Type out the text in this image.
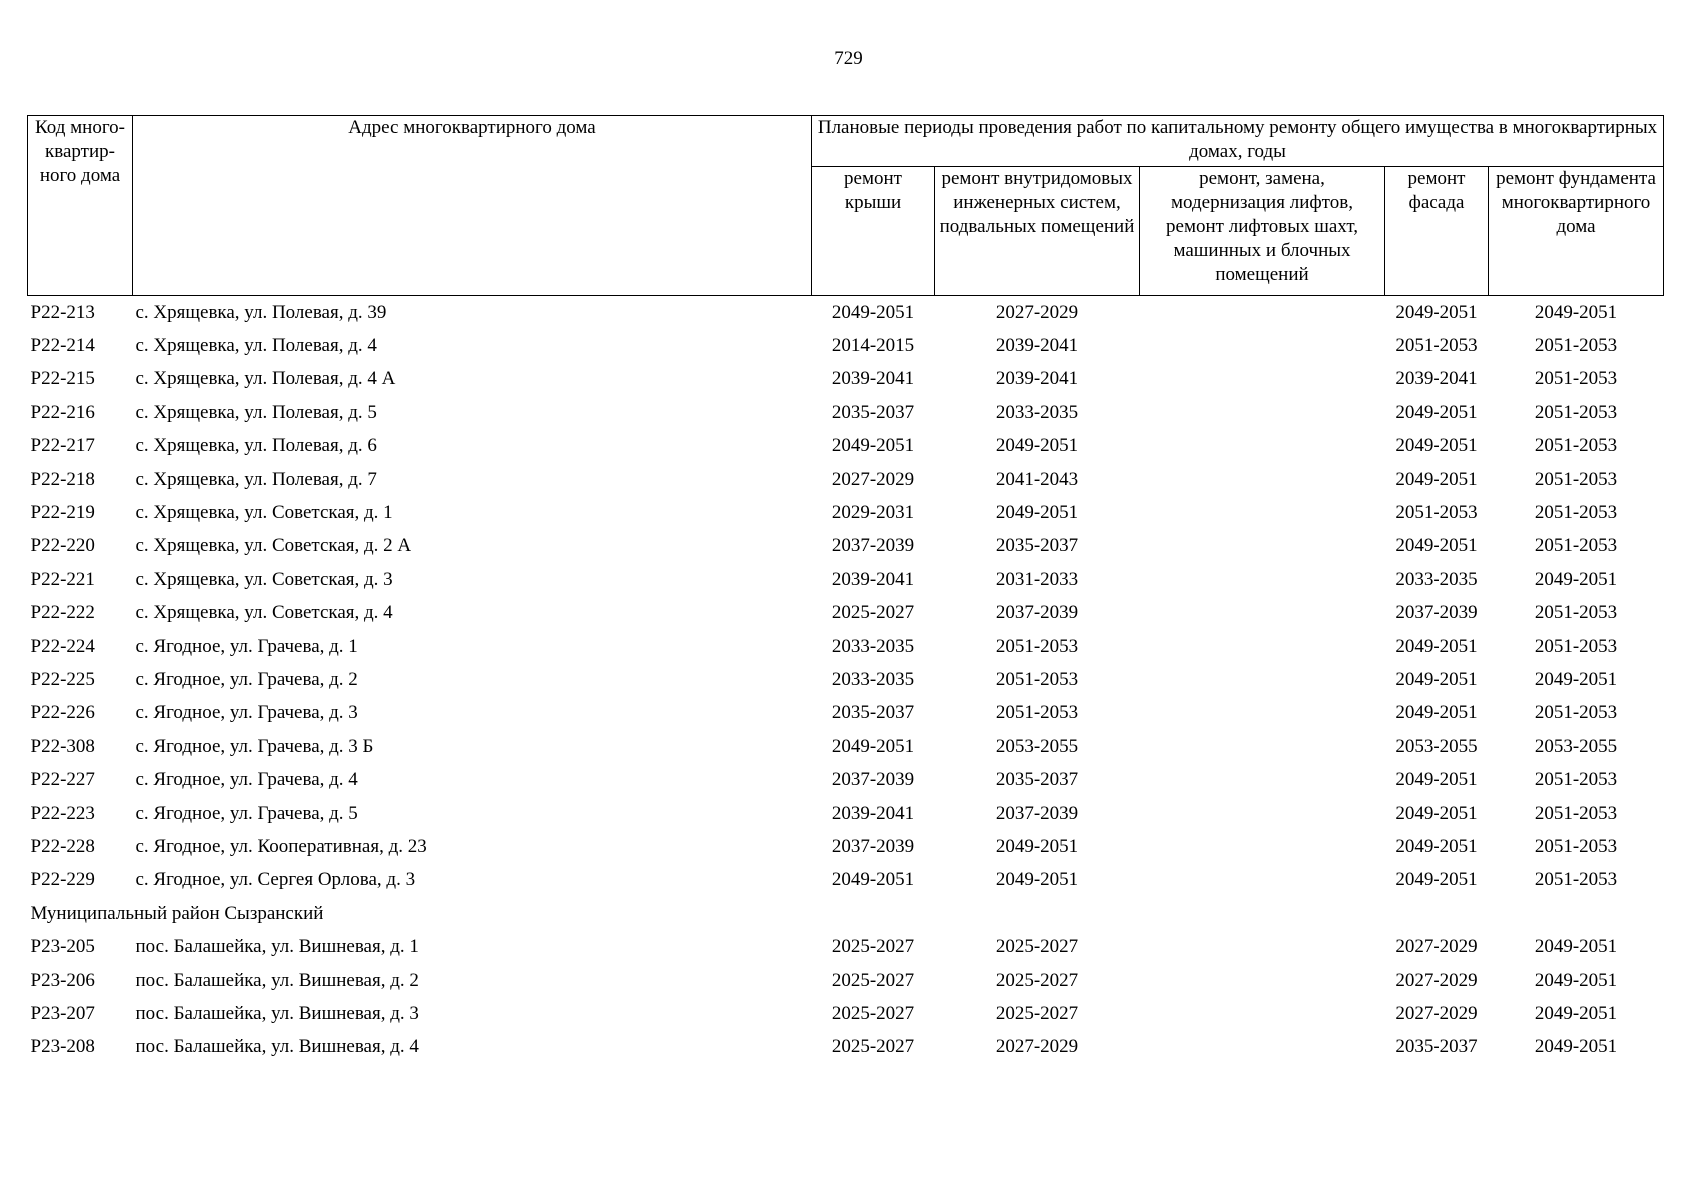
729
Код много-квартир-ного дома	Адрес многоквартирного дома	Плановые периоды проведения работ по капитальному ремонту общего имущества в многоквартирных домах, годы				
		ремонт крыши	ремонт внутридомовых инженерных систем, подвальных помещений	ремонт, замена, модернизация лифтов, ремонт лифтовых шахт, машинных и блочных помещений	ремонт фасада	ремонт фундамента многоквартирного дома
Р22-213	с. Хрящевка, ул. Полевая, д. 39	2049-2051	2027-2029		2049-2051	2049-2051
Р22-214	с. Хрящевка, ул. Полевая, д. 4	2014-2015	2039-2041		2051-2053	2051-2053
Р22-215	с. Хрящевка, ул. Полевая, д. 4 А	2039-2041	2039-2041		2039-2041	2051-2053
Р22-216	с. Хрящевка, ул. Полевая, д. 5	2035-2037	2033-2035		2049-2051	2051-2053
Р22-217	с. Хрящевка, ул. Полевая, д. 6	2049-2051	2049-2051		2049-2051	2051-2053
Р22-218	с. Хрящевка, ул. Полевая, д. 7	2027-2029	2041-2043		2049-2051	2051-2053
Р22-219	с. Хрящевка, ул. Советская, д. 1	2029-2031	2049-2051		2051-2053	2051-2053
Р22-220	с. Хрящевка, ул. Советская, д. 2 А	2037-2039	2035-2037		2049-2051	2051-2053
Р22-221	с. Хрящевка, ул. Советская, д. 3	2039-2041	2031-2033		2033-2035	2049-2051
Р22-222	с. Хрящевка, ул. Советская, д. 4	2025-2027	2037-2039		2037-2039	2051-2053
Р22-224	с. Ягодное, ул. Грачева, д. 1	2033-2035	2051-2053		2049-2051	2051-2053
Р22-225	с. Ягодное, ул. Грачева, д. 2	2033-2035	2051-2053		2049-2051	2049-2051
Р22-226	с. Ягодное, ул. Грачева, д. 3	2035-2037	2051-2053		2049-2051	2051-2053
Р22-308	с. Ягодное, ул. Грачева, д. 3 Б	2049-2051	2053-2055		2053-2055	2053-2055
Р22-227	с. Ягодное, ул. Грачева, д. 4	2037-2039	2035-2037		2049-2051	2051-2053
Р22-223	с. Ягодное, ул. Грачева, д. 5	2039-2041	2037-2039		2049-2051	2051-2053
Р22-228	с. Ягодное, ул. Кооперативная, д. 23	2037-2039	2049-2051		2049-2051	2051-2053
Р22-229	с. Ягодное, ул. Сергея Орлова, д. 3	2049-2051	2049-2051		2049-2051	2051-2053
Муниципальный район Сызранский						
Р23-205	пос. Балашейка, ул. Вишневая, д. 1	2025-2027	2025-2027		2027-2029	2049-2051
Р23-206	пос. Балашейка, ул. Вишневая, д. 2	2025-2027	2025-2027		2027-2029	2049-2051
Р23-207	пос. Балашейка, ул. Вишневая, д. 3	2025-2027	2025-2027		2027-2029	2049-2051
Р23-208	пос. Балашейка, ул. Вишневая, д. 4	2025-2027	2027-2029		2035-2037	2049-2051
